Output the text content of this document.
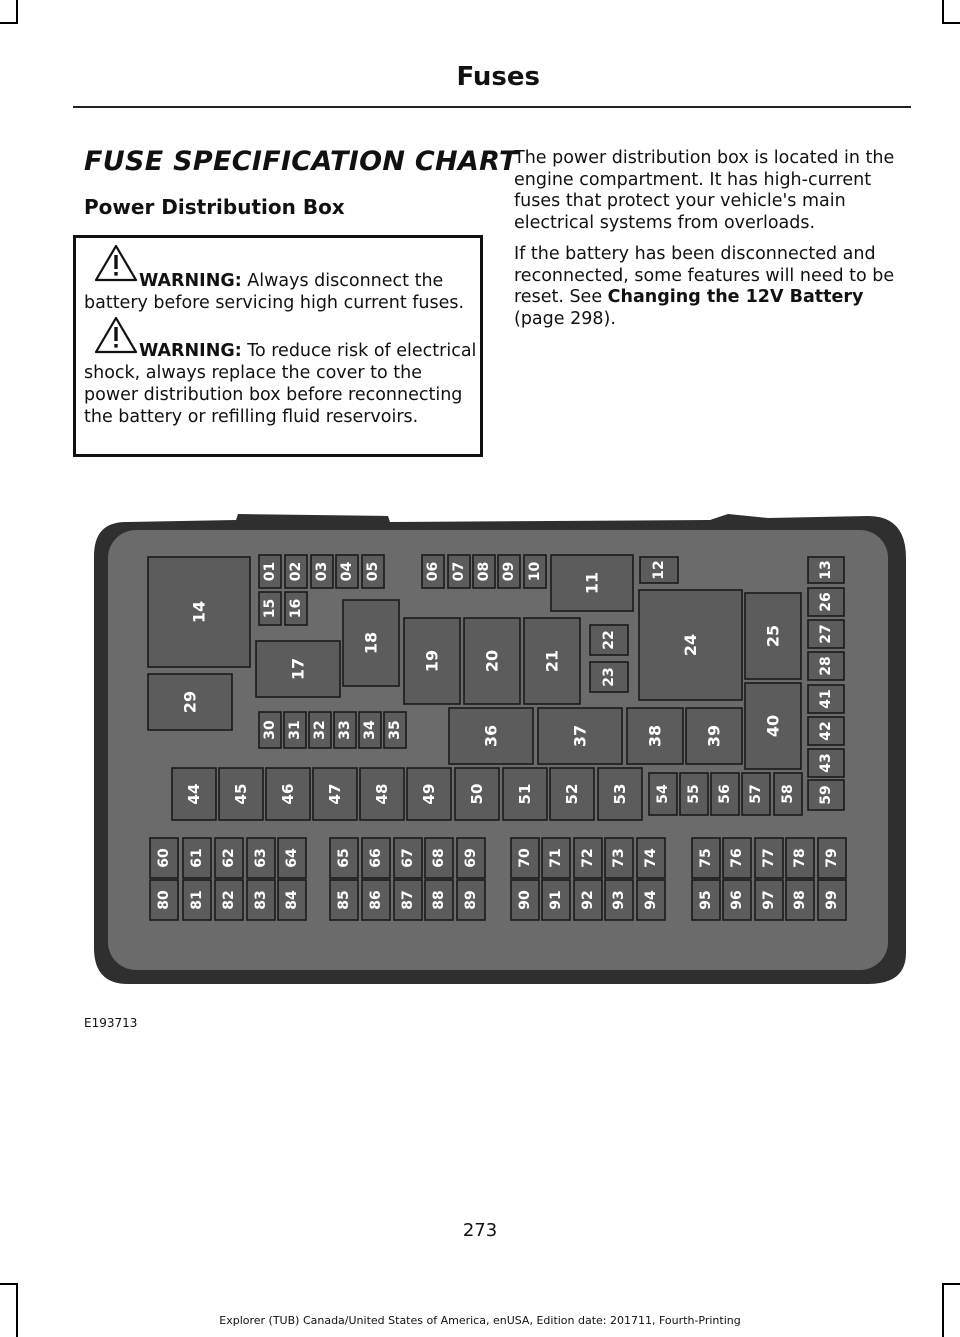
Fuses
FUSE SPECIFICATION CHART
Power Distribution Box
WARNING: Always disconnect the battery before servicing high current fuses.
WARNING: To reduce risk of electrical shock, always replace the cover to the power distribution box before reconnecting the battery or refilling fluid reservoirs.

The power distribution box is located in the engine compartment. It has high-current fuses that protect your vehicle's main electrical systems from overloads.

If the battery has been disconnected and reconnected, some features will need to be reset. See Changing the 12V Battery (page 298).

01 02 03 04 05	06 07 08 09 10
11
12	13
14	15 16
17
18
19	20	21
22
23
24	25
26
27
28
29
30 31 32 33 34 35	36	37	38	39	40
41
42
43
44 45 46 47 48 49 50 51 52 53 54 55 56 57 58 59
60 61 62 63 64	65 66 67 68 69	70 71 72 73 74	75 76 77 78 79
80 81 82 83 84	85 86 87 88 89	90 91 92 93 94	95 96 97 98 99
E193713
273
Explorer (TUB) Canada/United States of America, enUSA, Edition date: 201711, Fourth-Printing
